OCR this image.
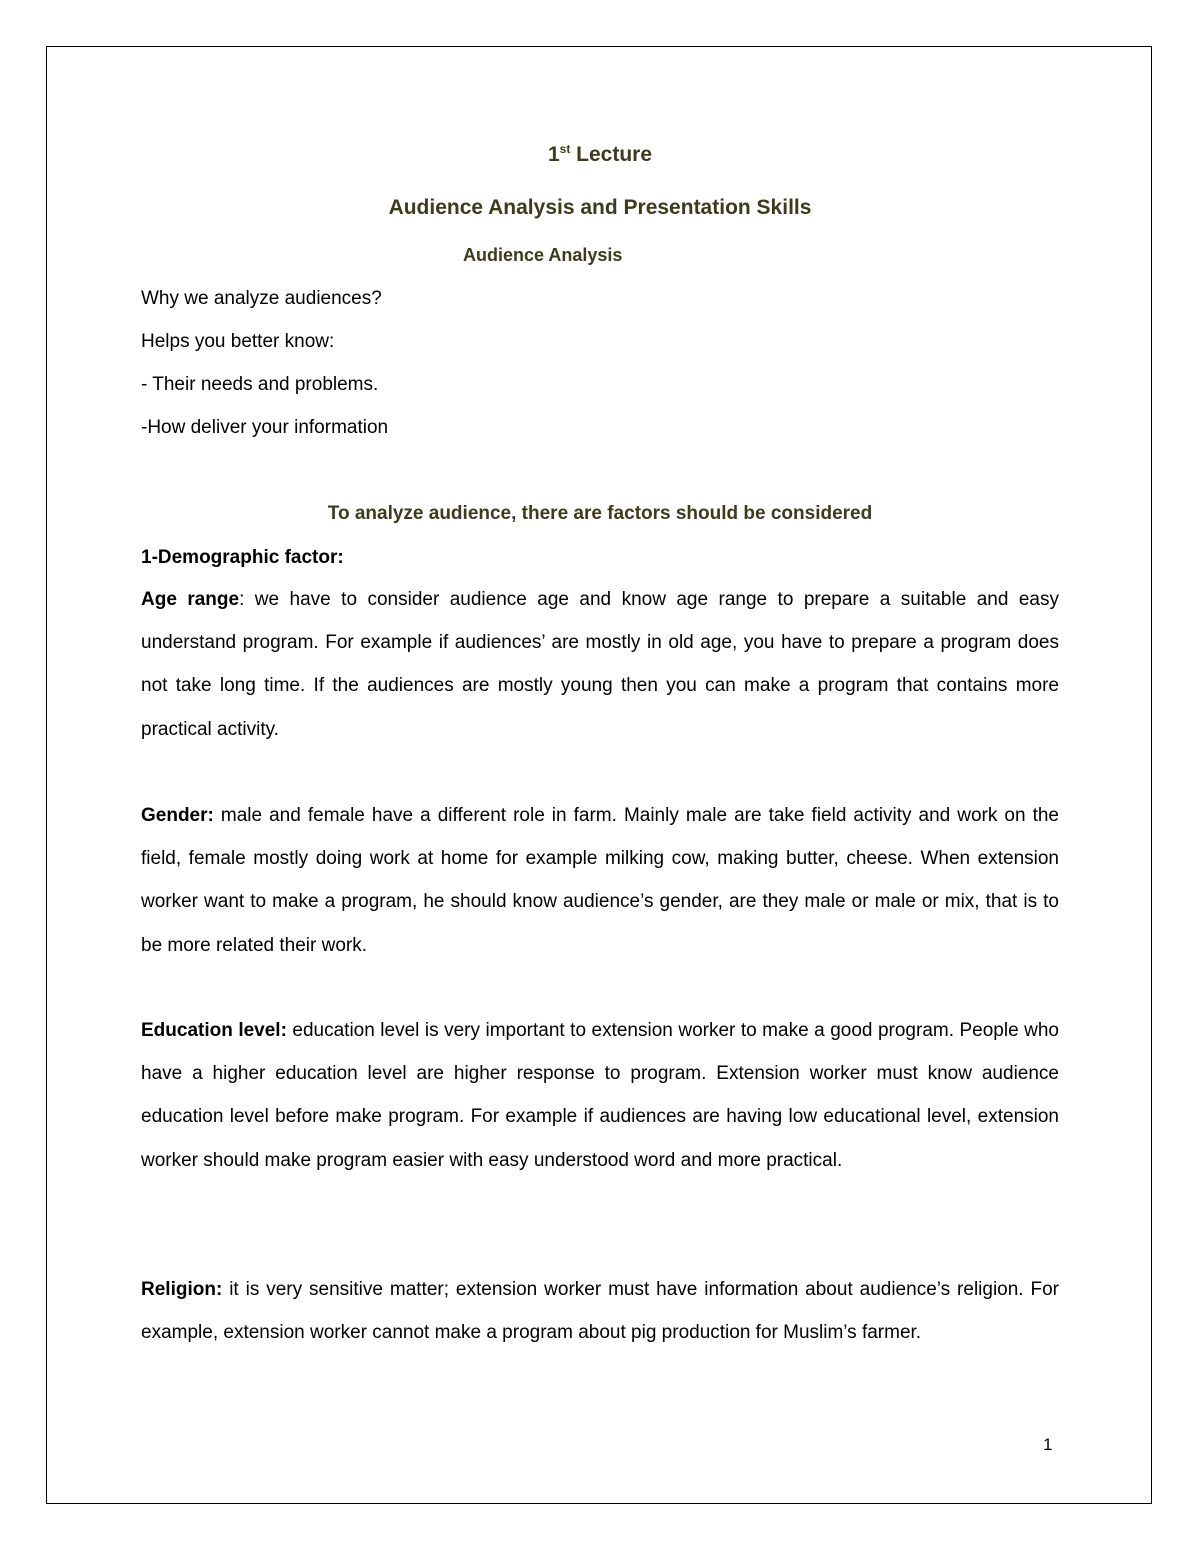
1st Lecture
Audience Analysis and Presentation Skills
Audience Analysis
Why we analyze audiences?
Helps you better know:
- Their needs and problems.
-How deliver your information
To analyze audience, there are factors should be considered
1-Demographic factor:

Age range: we have to consider audience age and know age range to prepare a suitable and easy understand program. For example if audiences’ are mostly in old age, you have to prepare a program does not take long time. If the audiences are mostly young then you can make a program that contains more practical activity.

Gender: male and female have a different role in farm. Mainly male are take field activity and work on the field, female mostly doing work at home for example milking cow, making butter, cheese. When extension worker want to make a program, he should know audience’s gender, are they male or male or mix, that is to be more related their work.

Education level: education level is very important to extension worker to make a good program. People who have a higher education level are higher response to program. Extension worker must know audience education level before make program. For example if audiences are having low educational level, extension worker should make program easier with easy understood word and more practical.

Religion: it is very sensitive matter; extension worker must have information about audience’s religion. For example, extension worker cannot make a program about pig production for Muslim’s farmer.

1
